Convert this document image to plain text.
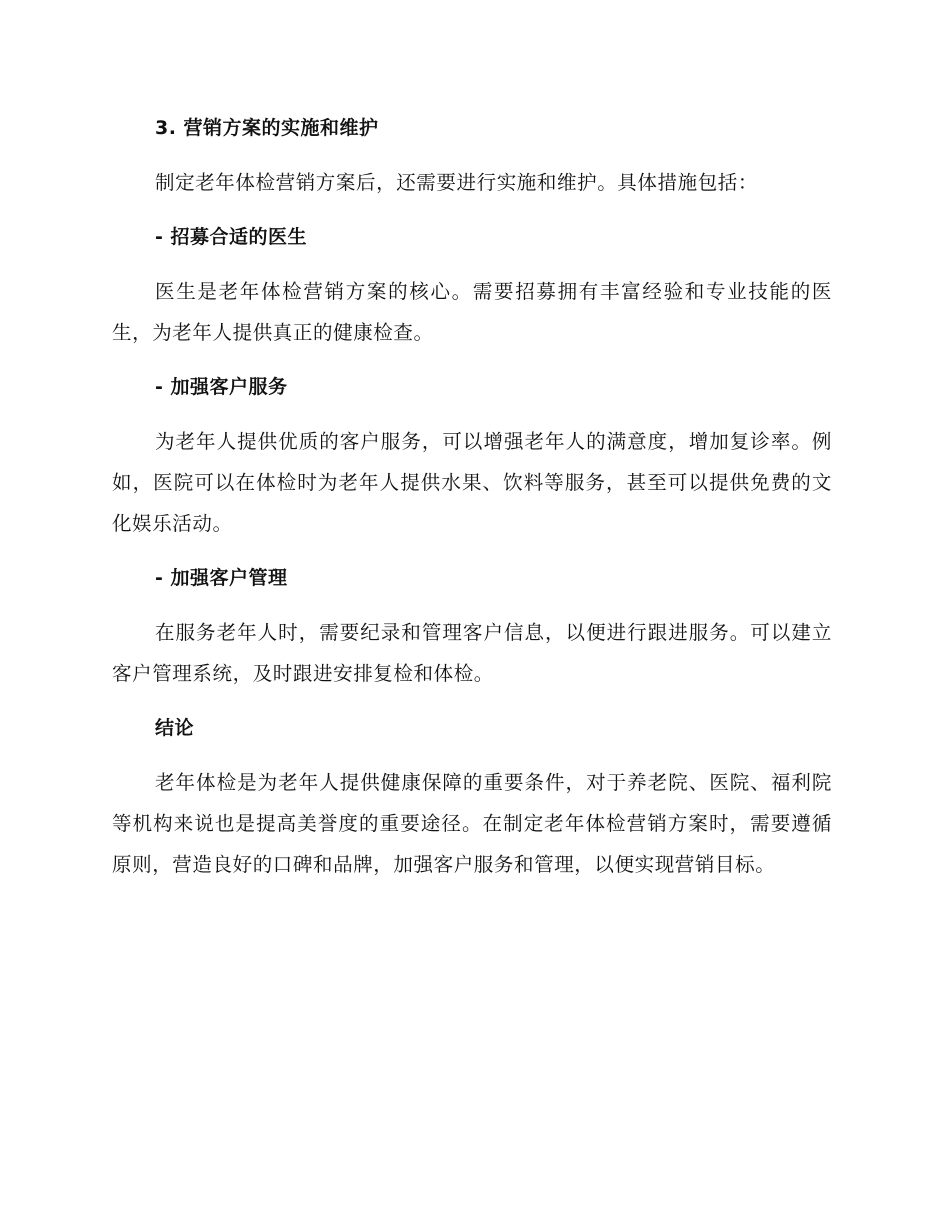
3. 营销方案的实施和维护

制定老年体检营销方案后，还需要进行实施和维护。具体措施包括：

- 招募合适的医生

医生是老年体检营销方案的核心。需要招募拥有丰富经验和专业技能的医生，为老年人提供真正的健康检查。

- 加强客户服务

为老年人提供优质的客户服务，可以增强老年人的满意度，增加复诊率。例如，医院可以在体检时为老年人提供水果、饮料等服务，甚至可以提供免费的文化娱乐活动。

- 加强客户管理

在服务老年人时，需要纪录和管理客户信息，以便进行跟进服务。可以建立客户管理系统，及时跟进安排复检和体检。

结论

老年体检是为老年人提供健康保障的重要条件，对于养老院、医院、福利院等机构来说也是提高美誉度的重要途径。在制定老年体检营销方案时，需要遵循原则，营造良好的口碑和品牌，加强客户服务和管理，以便实现营销目标。
